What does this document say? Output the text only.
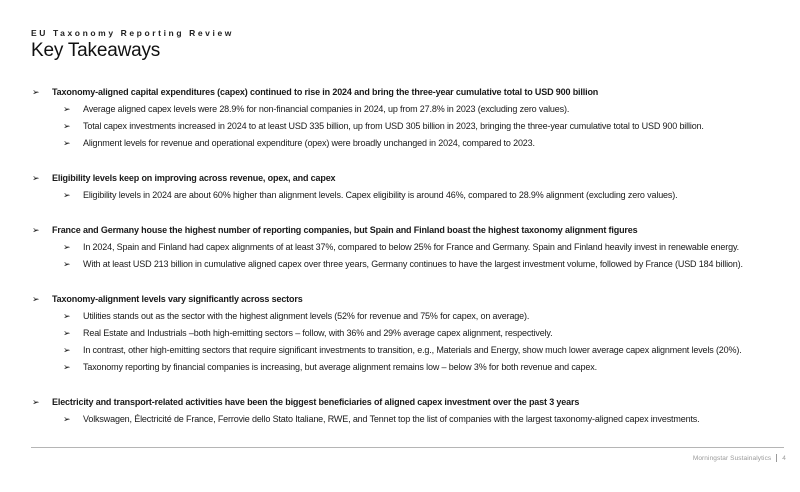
EU Taxonomy Reporting Review
Key Takeaways
➢	Taxonomy-aligned capital expenditures (capex) continued to rise in 2024 and bring the three-year cumulative total to USD 900 billion
➢	Average aligned capex levels were 28.9% for non-financial companies in 2024, up from 27.8% in 2023 (excluding zero values).
➢	Total capex investments increased in 2024 to at least USD 335 billion, up from USD 305 billion in 2023, bringing the three-year cumulative total to USD 900 billion.
➢	Alignment levels for revenue and operational expenditure (opex) were broadly unchanged in 2024, compared to 2023.
➢	Eligibility levels keep on improving across revenue, opex, and capex
➢	Eligibility levels in 2024 are about 60% higher than alignment levels. Capex eligibility is around 46%, compared to 28.9% alignment (excluding zero values).
➢	France and Germany house the highest number of reporting companies, but Spain and Finland boast the highest taxonomy alignment figures
➢	In 2024, Spain and Finland had capex alignments of at least 37%, compared to below 25% for France and Germany. Spain and Finland heavily invest in renewable energy.
➢	With at least USD 213 billion in cumulative aligned capex over three years, Germany continues to have the largest investment volume, followed by France (USD 184 billion).
➢	Taxonomy-alignment levels vary significantly across sectors
➢	Utilities stands out as the sector with the highest alignment levels (52% for revenue and 75% for capex, on average).
➢	Real Estate and Industrials –both high-emitting sectors – follow, with 36% and 29% average capex alignment, respectively.
➢	In contrast, other high-emitting sectors that require significant investments to transition, e.g., Materials and Energy, show much lower average capex alignment levels (20%).
➢	Taxonomy reporting by financial companies is increasing, but average alignment remains low – below 3% for both revenue and capex.
➢	Electricity and transport-related activities have been the biggest beneficiaries of aligned capex investment over the past 3 years
➢	Volkswagen, Électricité de France, Ferrovie dello Stato Italiane, RWE, and Tennet top the list of companies with the largest taxonomy-aligned capex investments.
Morningstar Sustainalytics 4
